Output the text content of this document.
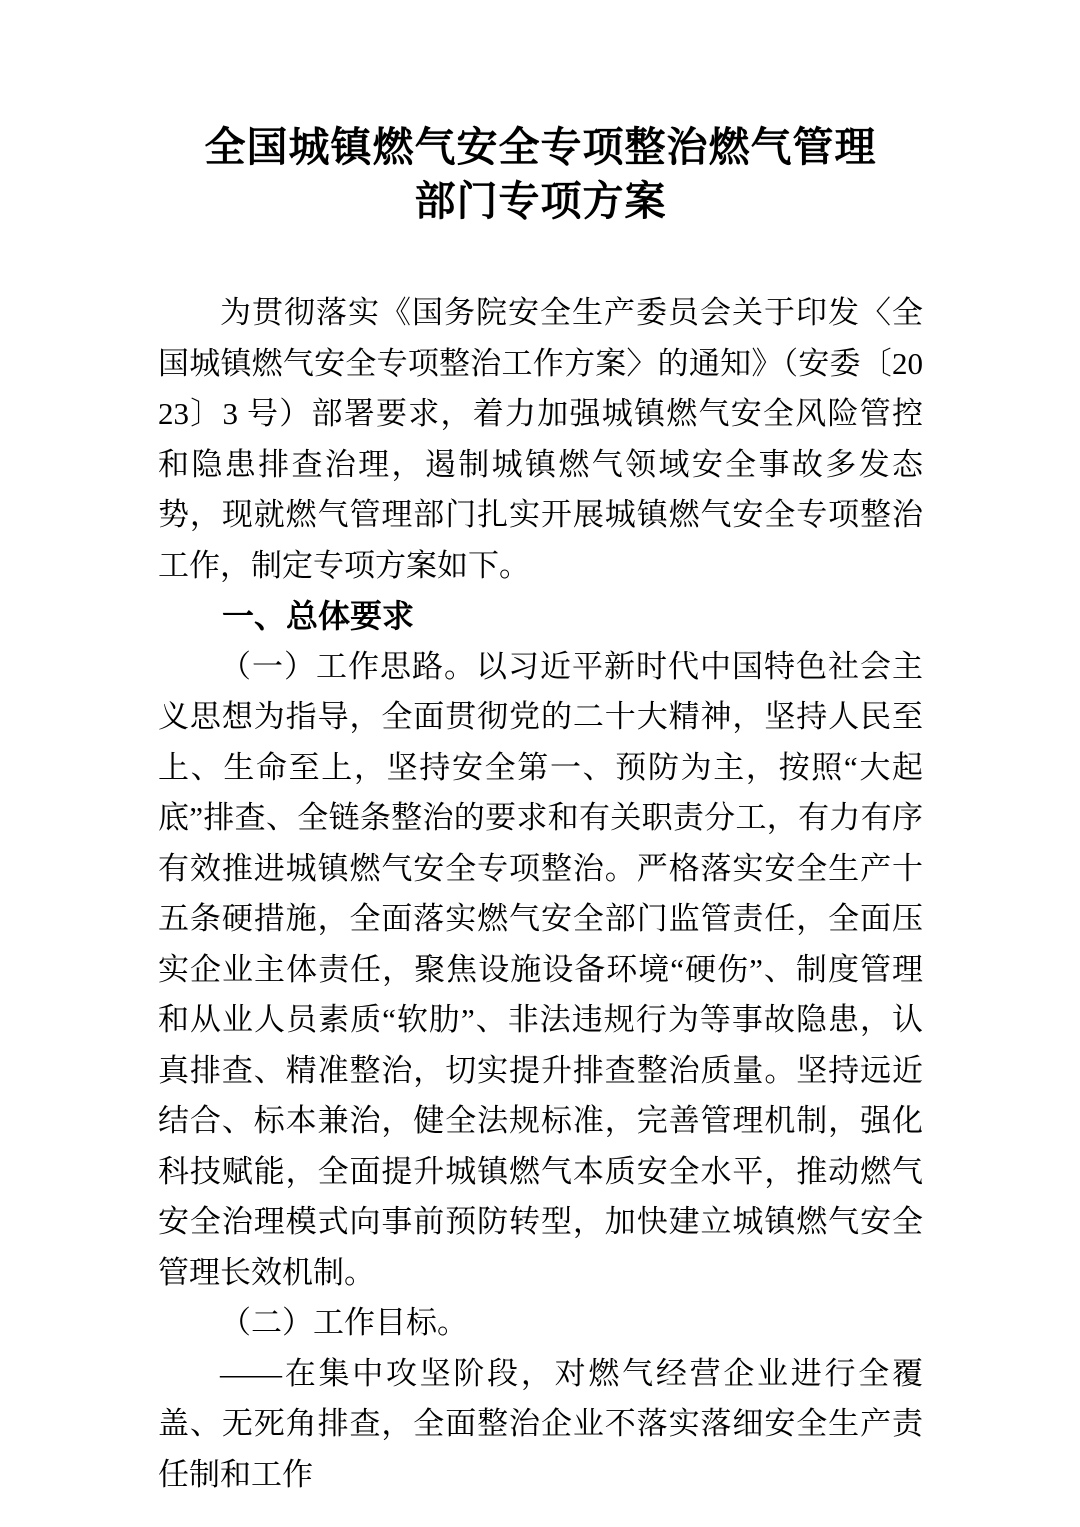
全国城镇燃气安全专项整治燃气管理
部门专项方案

为贯彻落实《国务院安全生产委员会关于印发〈全国城镇燃气安全专项整治工作方案〉的通知》（安委〔2023〕3 号）部署要求，着力加强城镇燃气安全风险管控和隐患排查治理，遏制城镇燃气领域安全事故多发态势，现就燃气管理部门扎实开展城镇燃气安全专项整治工作，制定专项方案如下。

一、总体要求

（一）工作思路。以习近平新时代中国特色社会主义思想为指导，全面贯彻党的二十大精神，坚持人民至上、生命至上，坚持安全第一、预防为主，按照“大起底”排查、全链条整治的要求和有关职责分工，有力有序有效推进城镇燃气安全专项整治。严格落实安全生产十五条硬措施，全面落实燃气安全部门监管责任，全面压实企业主体责任，聚焦设施设备环境“硬伤”、制度管理和从业人员素质“软肋”、非法违规行为等事故隐患，认真排查、精准整治，切实提升排查整治质量。坚持远近结合、标本兼治，健全法规标准，完善管理机制，强化科技赋能，全面提升城镇燃气本质安全水平，推动燃气安全治理模式向事前预防转型，加快建立城镇燃气安全管理长效机制。

（二）工作目标。

——在集中攻坚阶段，对燃气经营企业进行全覆盖、无死角排查，全面整治企业不落实落细安全生产责任制和工作
